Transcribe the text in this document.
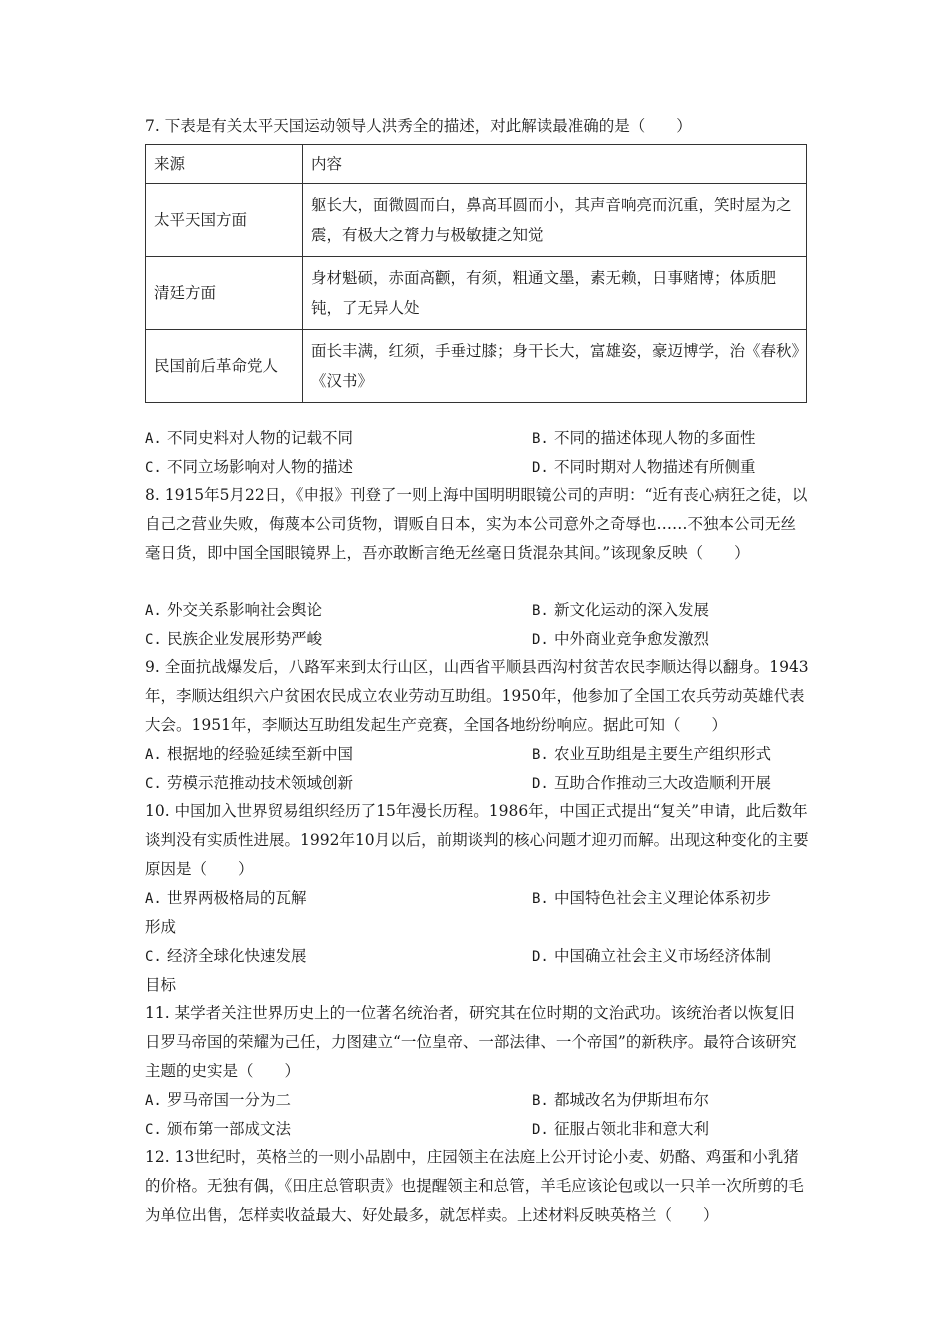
7. 下表是有关太平天国运动领导人洪秀全的描述，对此解读最准确的是（　　）
来源	内容
太平天国方面	躯长大，面微圆而白，鼻高耳圆而小，其声音响亮而沉重，笑时屋为之震，有极大之膂力与极敏捷之知觉
清廷方面	身材魁硕，赤面高颧，有须，粗通文墨，素无赖，日事赌博；体质肥钝，了无异人处
民国前后革命党人	面长丰满，红须，手垂过膝；身干长大，富雄姿，豪迈博学，治《春秋》《汉书》
A. 不同史料对人物的记载不同	B. 不同的描述体现人物的多面性
C. 不同立场影响对人物的描述	D. 不同时期对人物描述有所侧重
8. 1915年5月22日，《申报》刊登了一则上海中国明明眼镜公司的声明：“近有丧心病狂之徒，以自己之营业失败，侮蔑本公司货物，谓贩自日本，实为本公司意外之奇辱也……不独本公司无丝毫日货，即中国全国眼镜界上，吾亦敢断言绝无丝毫日货混杂其间。”该现象反映（　　）
A. 外交关系影响社会舆论	B. 新文化运动的深入发展
C. 民族企业发展形势严峻	D. 中外商业竞争愈发激烈
9. 全面抗战爆发后，八路军来到太行山区，山西省平顺县西沟村贫苦农民李顺达得以翻身。1943年，李顺达组织六户贫困农民成立农业劳动互助组。1950年，他参加了全国工农兵劳动英雄代表大会。1951年，李顺达互助组发起生产竞赛，全国各地纷纷响应。据此可知（　　）
A. 根据地的经验延续至新中国	B. 农业互助组是主要生产组织形式
C. 劳模示范推动技术领域创新	D. 互助合作推动三大改造顺利开展
10. 中国加入世界贸易组织经历了15年漫长历程。1986年，中国正式提出“复关”申请，此后数年谈判没有实质性进展。1992年10月以后，前期谈判的核心问题才迎刃而解。出现这种变化的主要原因是（　　）
A. 世界两极格局的瓦解	B. 中国特色社会主义理论体系初步
形成
C. 经济全球化快速发展	D. 中国确立社会主义市场经济体制
目标
11. 某学者关注世界历史上的一位著名统治者，研究其在位时期的文治武功。该统治者以恢复旧日罗马帝国的荣耀为己任，力图建立“一位皇帝、一部法律、一个帝国”的新秩序。最符合该研究主题的史实是（　　）
A. 罗马帝国一分为二	B. 都城改名为伊斯坦布尔
C. 颁布第一部成文法	D. 征服占领北非和意大利
12. 13世纪时，英格兰的一则小品剧中，庄园领主在法庭上公开讨论小麦、奶酪、鸡蛋和小乳猪的价格。无独有偶，《田庄总管职责》也提醒领主和总管，羊毛应该论包或以一只羊一次所剪的毛为单位出售，怎样卖收益最大、好处最多，就怎样卖。上述材料反映英格兰（　　）
